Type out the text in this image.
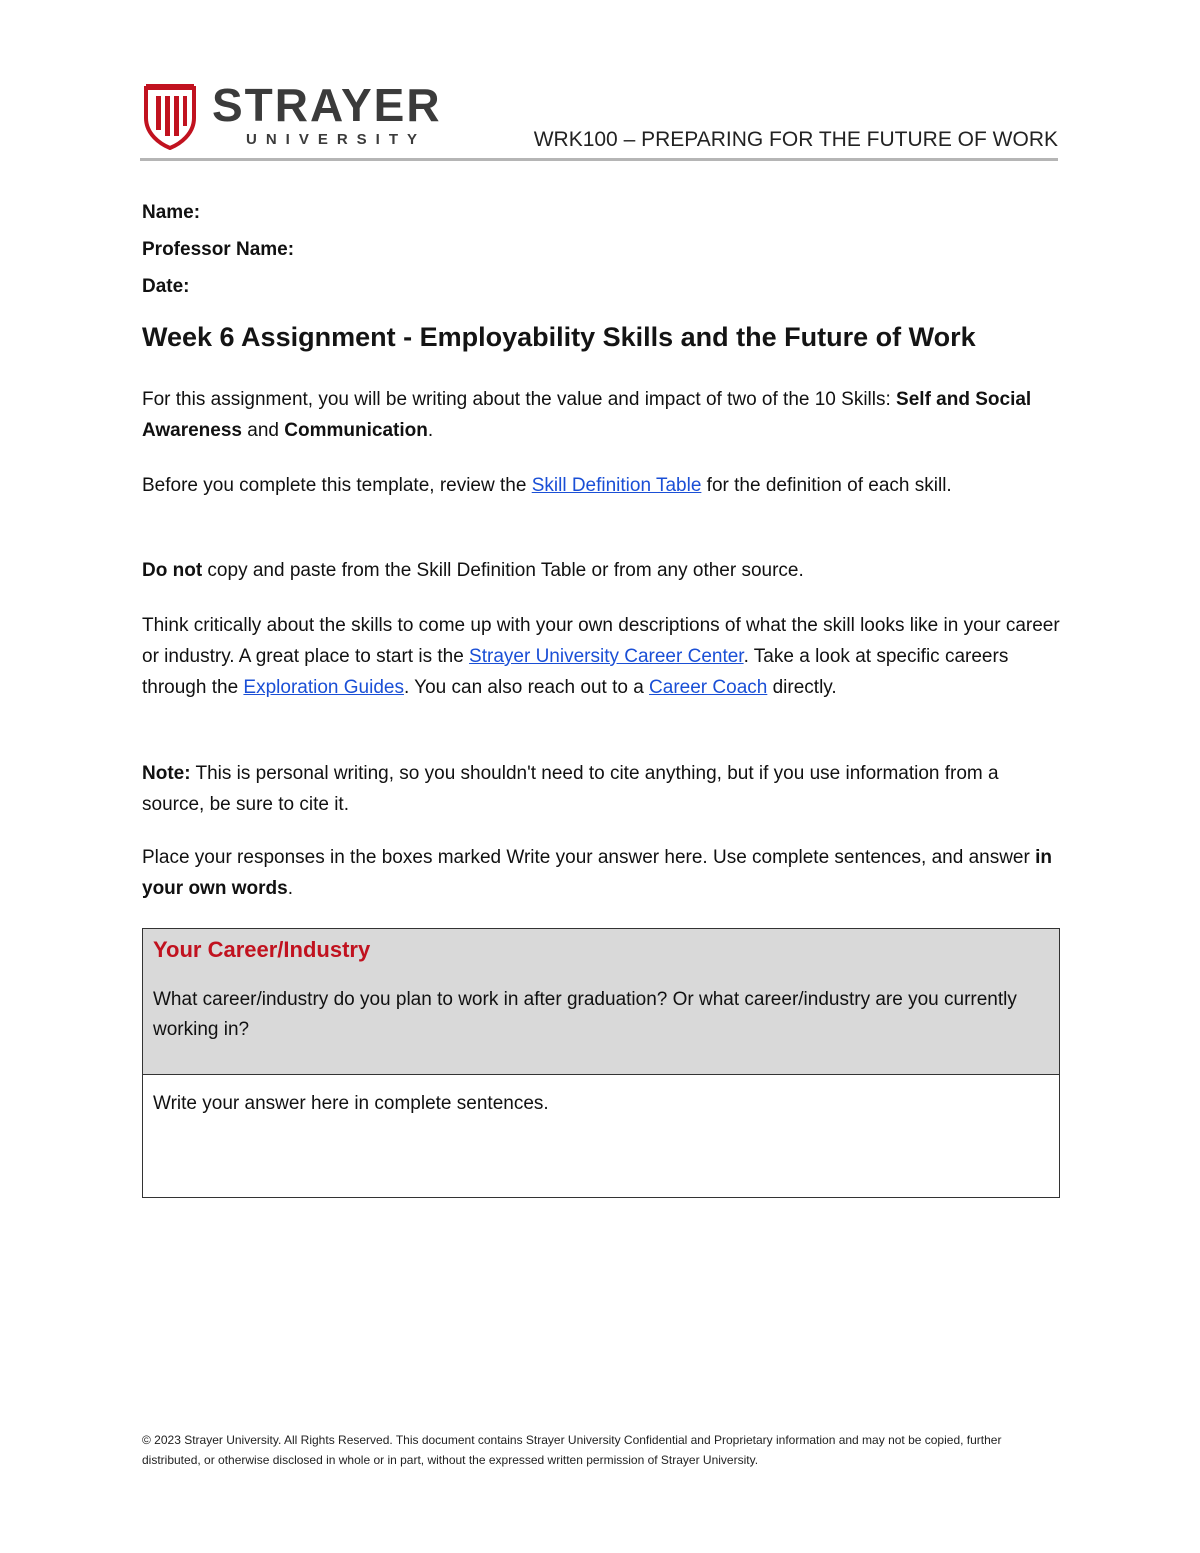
STRAYER
UNIVERSITY	WRK100 – PREPARING FOR THE FUTURE OF WORK
Name:
Professor Name:
Date:
Week 6 Assignment - Employability Skills and the Future of Work

For this assignment, you will be writing about the value and impact of two of the 10 Skills: Self and Social Awareness and Communication.

Before you complete this template, review the Skill Definition Table for the definition of each skill.

Do not copy and paste from the Skill Definition Table or from any other source.

Think critically about the skills to come up with your own descriptions of what the skill looks like in your career or industry. A great place to start is the Strayer University Career Center. Take a look at specific careers through the Exploration Guides. You can also reach out to a Career Coach directly.

Note: This is personal writing, so you shouldn't need to cite anything, but if you use information from a source, be sure to cite it.

Place your responses in the boxes marked Write your answer here. Use complete sentences, and answer in your own words.

Your Career/Industry

What career/industry do you plan to work in after graduation? Or what career/industry are you currently working in?

Write your answer here in complete sentences.
© 2023 Strayer University. All Rights Reserved. This document contains Strayer University Confidential and Proprietary information and may not be copied, further distributed, or otherwise disclosed in whole or in part, without the expressed written permission of Strayer University.
